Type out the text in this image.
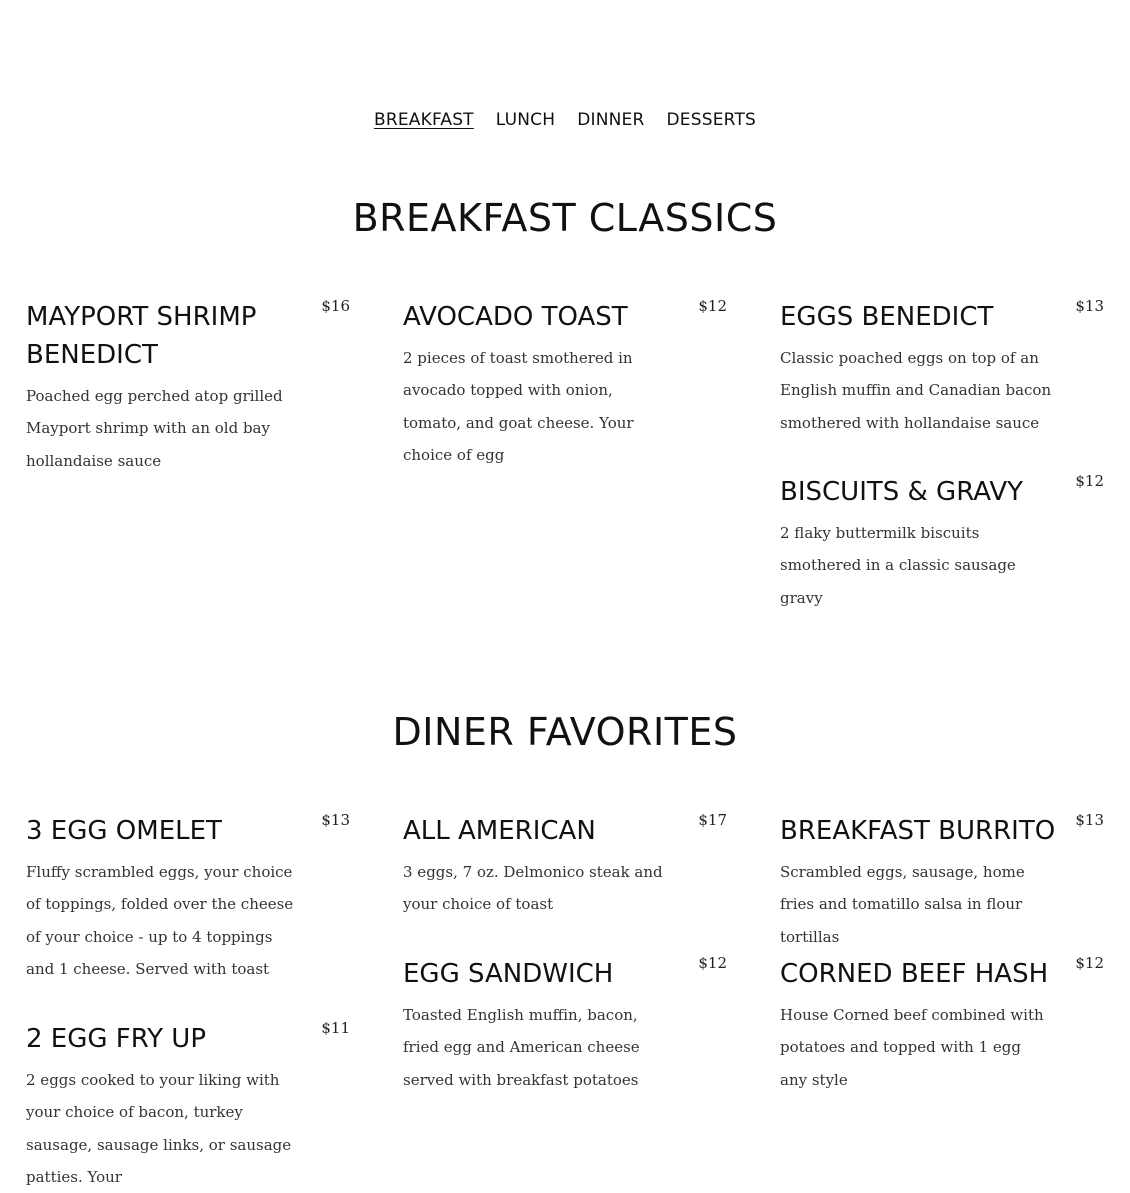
BREAKFAST LUNCH DINNER DESSERTS
BREAKFAST CLASSICS
MAYPORT SHRIMP BENEDICT
$16

Poached egg perched atop grilled Mayport shrimp with an old bay hollandaise sauce

AVOCADO TOAST	$12

2 pieces of toast smothered in avocado topped with onion, tomato, and goat cheese. Your choice of egg

EGGS BENEDICT	$13

Classic poached eggs on top of an English muffin and Canadian bacon smothered with hollandaise sauce

BISCUITS & GRAVY	$12

2 flaky buttermilk biscuits smothered in a classic sausage gravy

DINER FAVORITES
3 EGG OMELET	$13

Fluffy scrambled eggs, your choice of toppings, folded over the cheese of your choice - up to 4 toppings and 1 cheese. Served with toast

ALL AMERICAN	$17

3 eggs, 7 oz. Delmonico steak and your choice of toast

BREAKFAST BURRITO $13

Scrambled eggs, sausage, home fries and tomatillo salsa in flour tortillas

EGG SANDWICH	$12

Toasted English muffin, bacon, fried egg and American cheese served with breakfast potatoes

CORNED BEEF HASH $12

House Corned beef combined with potatoes and topped with 1 egg any style

2 EGG FRY UP	$11

2 eggs cooked to your liking with your choice of bacon, turkey sausage, sausage links, or sausage patties. Your
